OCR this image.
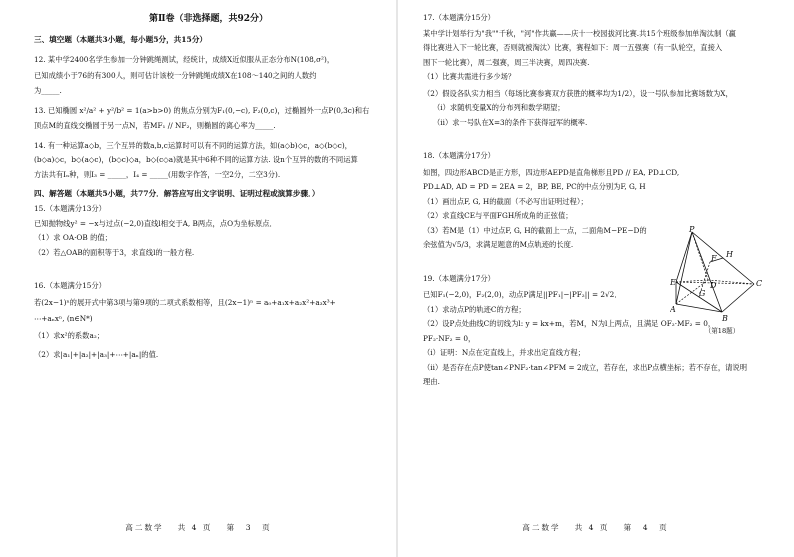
第Ⅱ卷（非选择题，共92分）

三、填空题（本题共3小题，每小题5分，共15分）

12. 某中学2400名学生参加一分钟跳绳测试，经统计，成绩X近似服从正态分布N(108,σ²)，

已知成绩小于76的有300人，则可估计该校一分钟跳绳成绩X在108～140之间的人数约

为_____.

13. 已知椭圆 x²/a² + y²/b² = 1(a>b>0) 的焦点分别为F₁(0,−c), F₂(0,c)，过椭圆外一点P(0,3c)和右

顶点M的直线交椭圆于另一点N，若MF₁ // NF₂，则椭圆的离心率为_____.

14. 有一种运算a◇b，三个互异的数a,b,c运算时可以有不同的运算方法，如(a◇b)◇c，a◇(b◇c)，

(b◇a)◇c，b◇(a◇c)，(b◇c)◇a，b◇(c◇a)就是其中6种不同的运算方法. 设n个互异的数的不同运算

方法共有Iₙ种，则I₃ = _____，I₄ = _____(用数字作答，一空2分，二空3分).

四、解答题（本题共5小题，共77分．解答应写出文字说明、证明过程或演算步骤．）

15.（本题满分13分）

已知抛物线y² = −x与过点(−2,0)直线l相交于A, B两点，点O为坐标原点．

（1）求 OA·OB 的值；

（2）若△OAB的面积等于3，求直线l的一般方程.

16.（本题满分15分）

若(2x−1)ⁿ的展开式中第3项与第9项的二项式系数相等，且(2x−1)ⁿ = a₀+a₁x+a₂x²+a₃x³+

⋯+aₙxⁿ, (n∈N*)

（1）求x²的系数a₂；

（2）求|a₁|+|a₂|+|a₃|+⋯+|aₙ|的值.

高二数学　 共 4 页　 第　3　页

17.（本题满分15分）

某中学计划举行为"我""千秋，"河"作共赢——庆十一校园拔河比赛.共15个班级参加单淘汰制（赢

得比赛进入下一轮比赛，否则就被淘汰）比赛，赛程如下：周一五强赛（有一队轮空，直接入

围下一轮比赛），周二强赛，周三半决赛，周四决赛.

（1）比赛共需进行多少场？

（2）假设各队实力相当（每场比赛参赛双方获胜的概率均为1/2），设一号队参加比赛场数为X，

（i）求随机变量X的分布列和数学期望；

（ii）求一号队在X=3的条件下获得冠军的概率.

18.（本题满分17分）

如图，四边形ABCD是正方形，四边形AEPD是直角梯形且PD // EA, PD⊥CD,

PD⊥AD, AD = PD = 2EA = 2，BP, BE, PC的中点分别为F, G, H

（1）画出点F, G, H的截面（不必写出证明过程）；

（2）求直线CE与平面FGH所成角的正弦值；

（3）若M是（1）中过点F, G, H的截面上一点，二面角M−PE−D的

余弦值为√5/3，求满足题意的M点轨迹的长度.

19.（本题满分17分）

已知F₁(−2,0)，F₂(2,0)，动点P满足||PF₁|−|PF₂|| = 2√2．

（1）求动点P的轨迹C的方程；

（2）设P点处曲线C的切线为l: y = kx+m，若M，N为l上两点，且满足 OF₂·MF₂ = 0，

PF₂·NF₂ = 0，

（i）证明：N点在定直线上，并求出定直线方程；

（ii）是否存在点P使tan∠PNF₂·tan∠PFM = 2成立，若存在，求出P点横坐标；若不存在，请说明

理由.

P
H
E
F
G
D	C
A
B
（第18题）
高二数学　 共 4 页　 第　4　页
